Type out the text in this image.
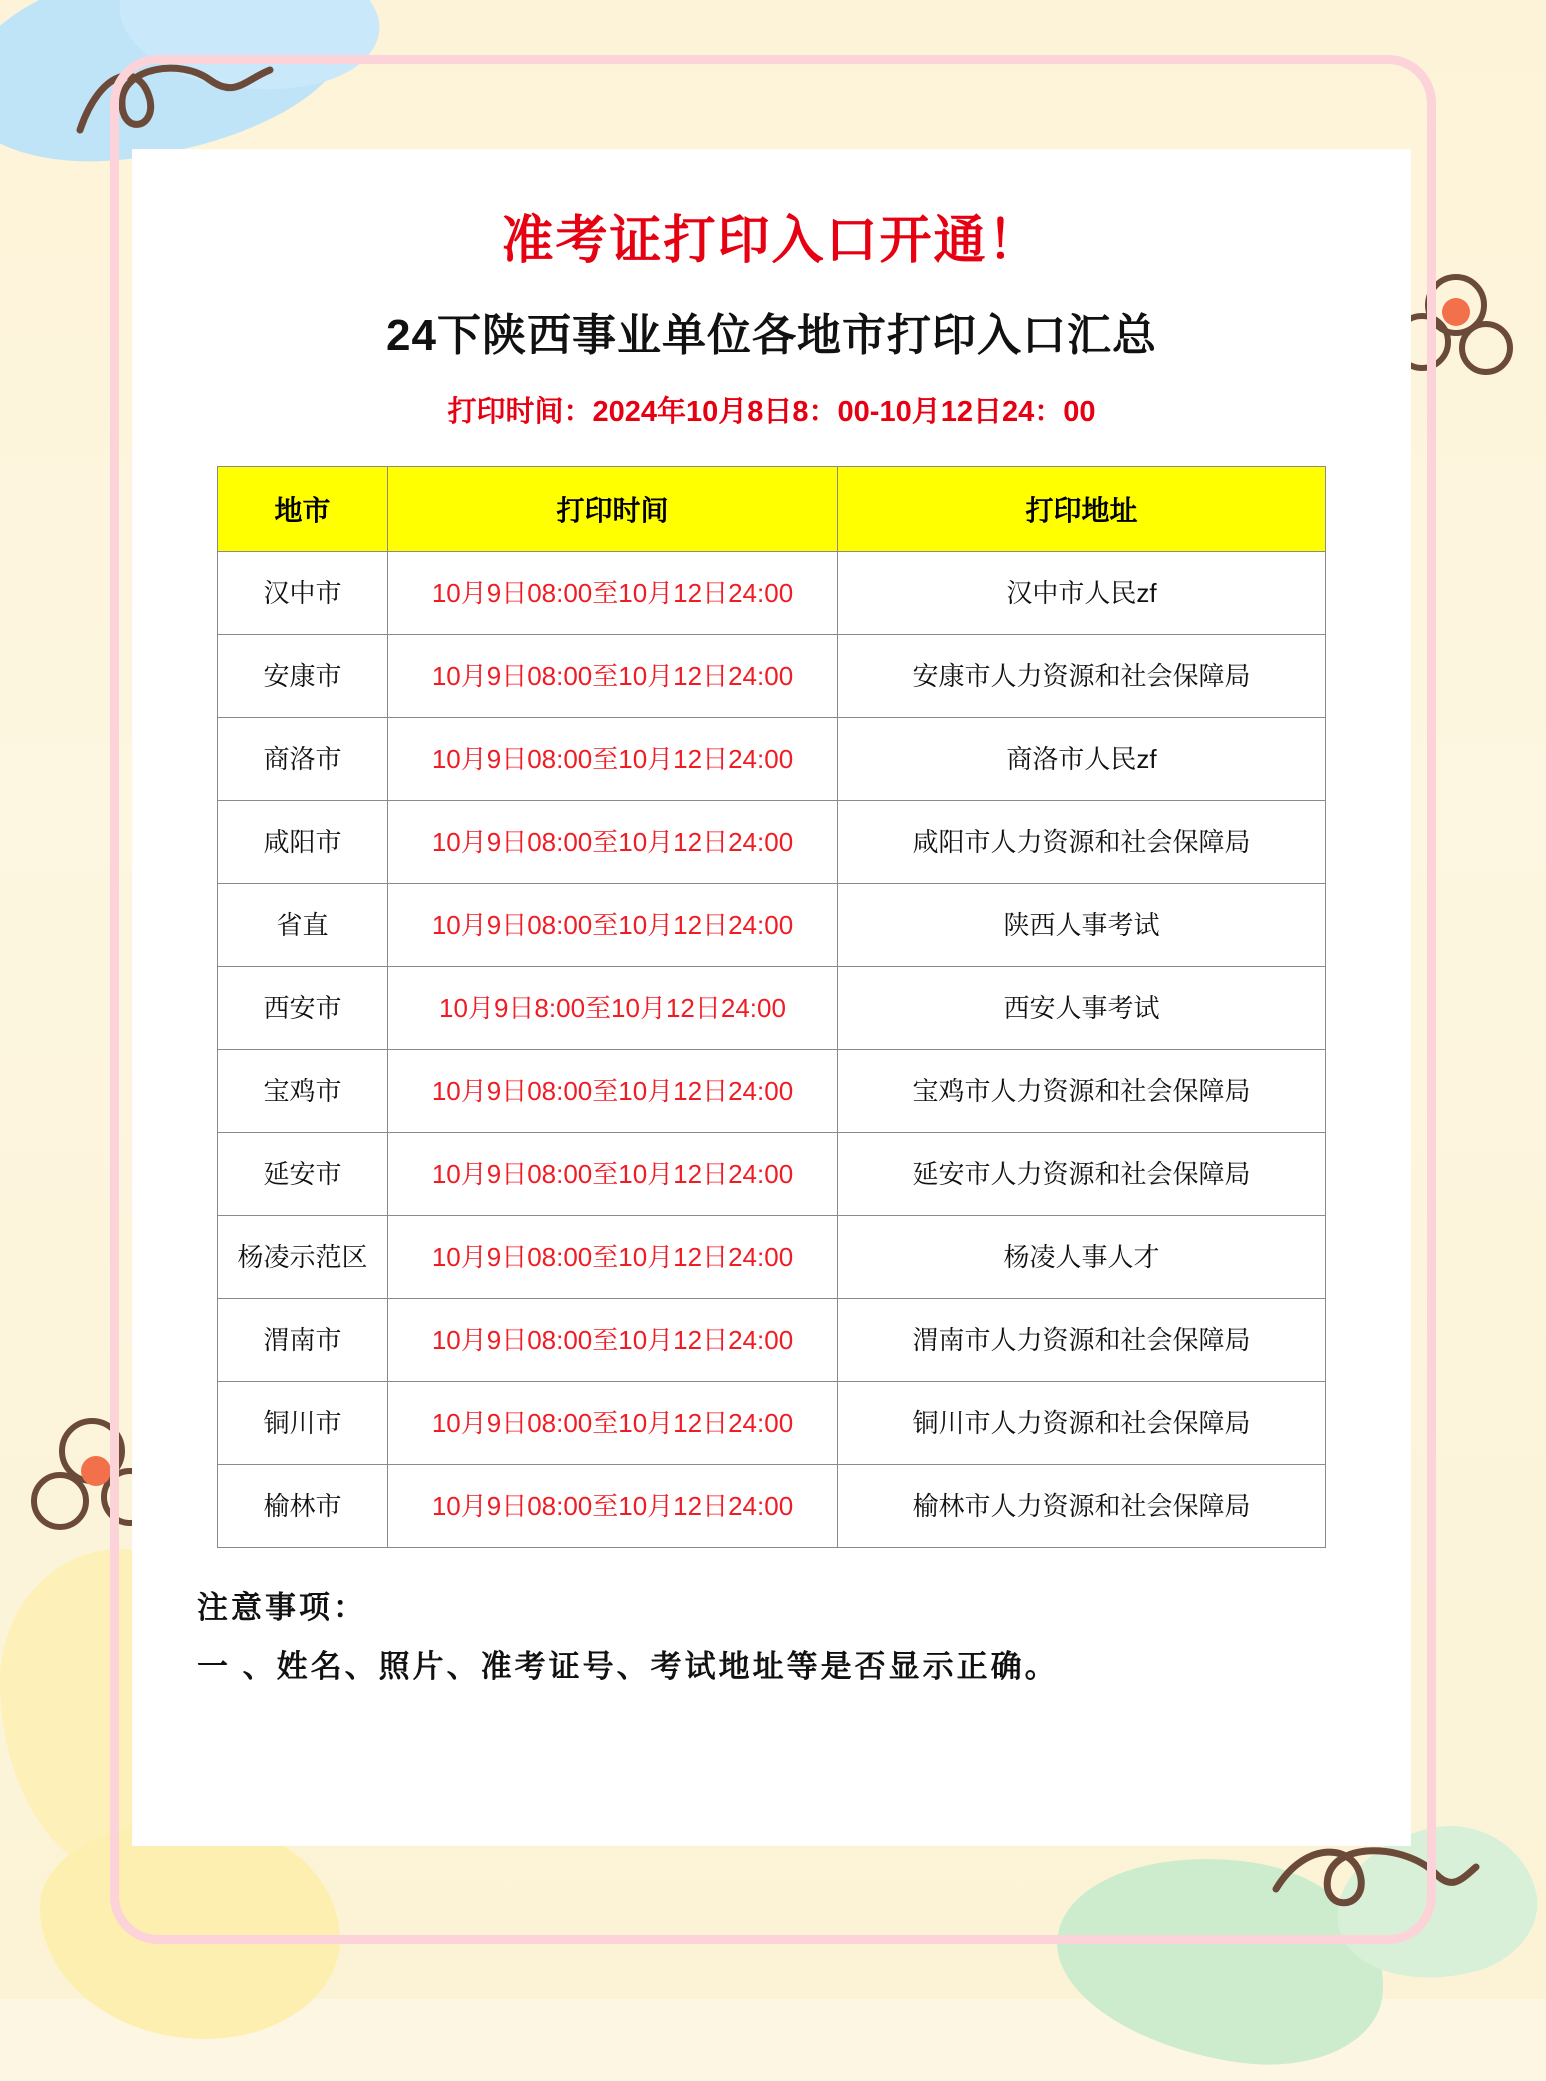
准考证打印入口开通！
24下陕西事业单位各地市打印入口汇总

打印时间：2024年10月8日8：00-10月12日24：00

地市	打印时间	打印地址
汉中市	10月9日08:00至10月12日24:00	汉中市人民zf
安康市	10月9日08:00至10月12日24:00	安康市人力资源和社会保障局
商洛市	10月9日08:00至10月12日24:00	商洛市人民zf
咸阳市	10月9日08:00至10月12日24:00	咸阳市人力资源和社会保障局
省直	10月9日08:00至10月12日24:00	陕西人事考试
西安市	10月9日8:00至10月12日24:00	西安人事考试
宝鸡市	10月9日08:00至10月12日24:00	宝鸡市人力资源和社会保障局
延安市	10月9日08:00至10月12日24:00	延安市人力资源和社会保障局
杨凌示范区	10月9日08:00至10月12日24:00	杨凌人事人才
渭南市	10月9日08:00至10月12日24:00	渭南市人力资源和社会保障局
铜川市	10月9日08:00至10月12日24:00	铜川市人力资源和社会保障局
榆林市	10月9日08:00至10月12日24:00	榆林市人力资源和社会保障局
注意事项：
一 、姓名、照片、准考证号、考试地址等是否显示正确。
